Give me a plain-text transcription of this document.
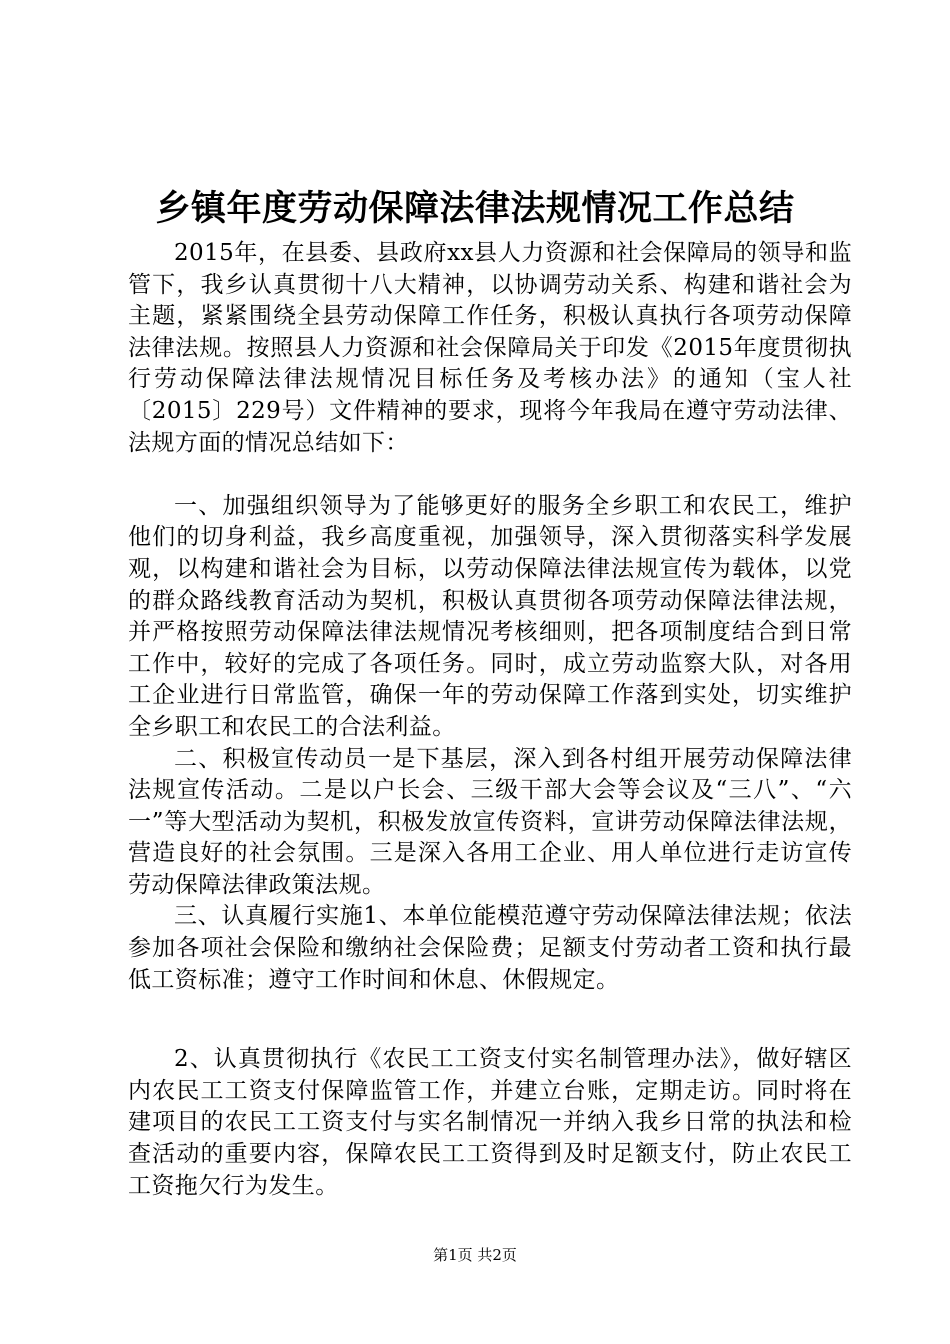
乡镇年度劳动保障法律法规情况工作总结

2015年，在县委、县政府xx县人力资源和社会保障局的领导和监管下，我乡认真贯彻十八大精神，以协调劳动关系、构建和谐社会为主题，紧紧围绕全县劳动保障工作任务，积极认真执行各项劳动保障法律法规。按照县人力资源和社会保障局关于印发《2015年度贯彻执行劳动保障法律法规情况目标任务及考核办法》的通知（宝人社〔2015〕229号）文件精神的要求，现将今年我局在遵守劳动法律、法规方面的情况总结如下：

一、加强组织领导为了能够更好的服务全乡职工和农民工，维护他们的切身利益，我乡高度重视，加强领导，深入贯彻落实科学发展观，以构建和谐社会为目标，以劳动保障法律法规宣传为载体，以党的群众路线教育活动为契机，积极认真贯彻各项劳动保障法律法规，并严格按照劳动保障法律法规情况考核细则，把各项制度结合到日常工作中，较好的完成了各项任务。同时，成立劳动监察大队，对各用工企业进行日常监管，确保一年的劳动保障工作落到实处，切实维护全乡职工和农民工的合法利益。

二、积极宣传动员一是下基层，深入到各村组开展劳动保障法律法规宣传活动。二是以户长会、三级干部大会等会议及“三八”、“六一”等大型活动为契机，积极发放宣传资料，宣讲劳动保障法律法规，营造良好的社会氛围。三是深入各用工企业、用人单位进行走访宣传劳动保障法律政策法规。

三、认真履行实施1、本单位能模范遵守劳动保障法律法规；依法参加各项社会保险和缴纳社会保险费；足额支付劳动者工资和执行最低工资标准；遵守工作时间和休息、休假规定。

2、认真贯彻执行《农民工工资支付实名制管理办法》，做好辖区内农民工工资支付保障监管工作，并建立台账，定期走访。同时将在建项目的农民工工资支付与实名制情况一并纳入我乡日常的执法和检查活动的重要内容，保障农民工工资得到及时足额支付，防止农民工工资拖欠行为发生。

第1页 共2页
